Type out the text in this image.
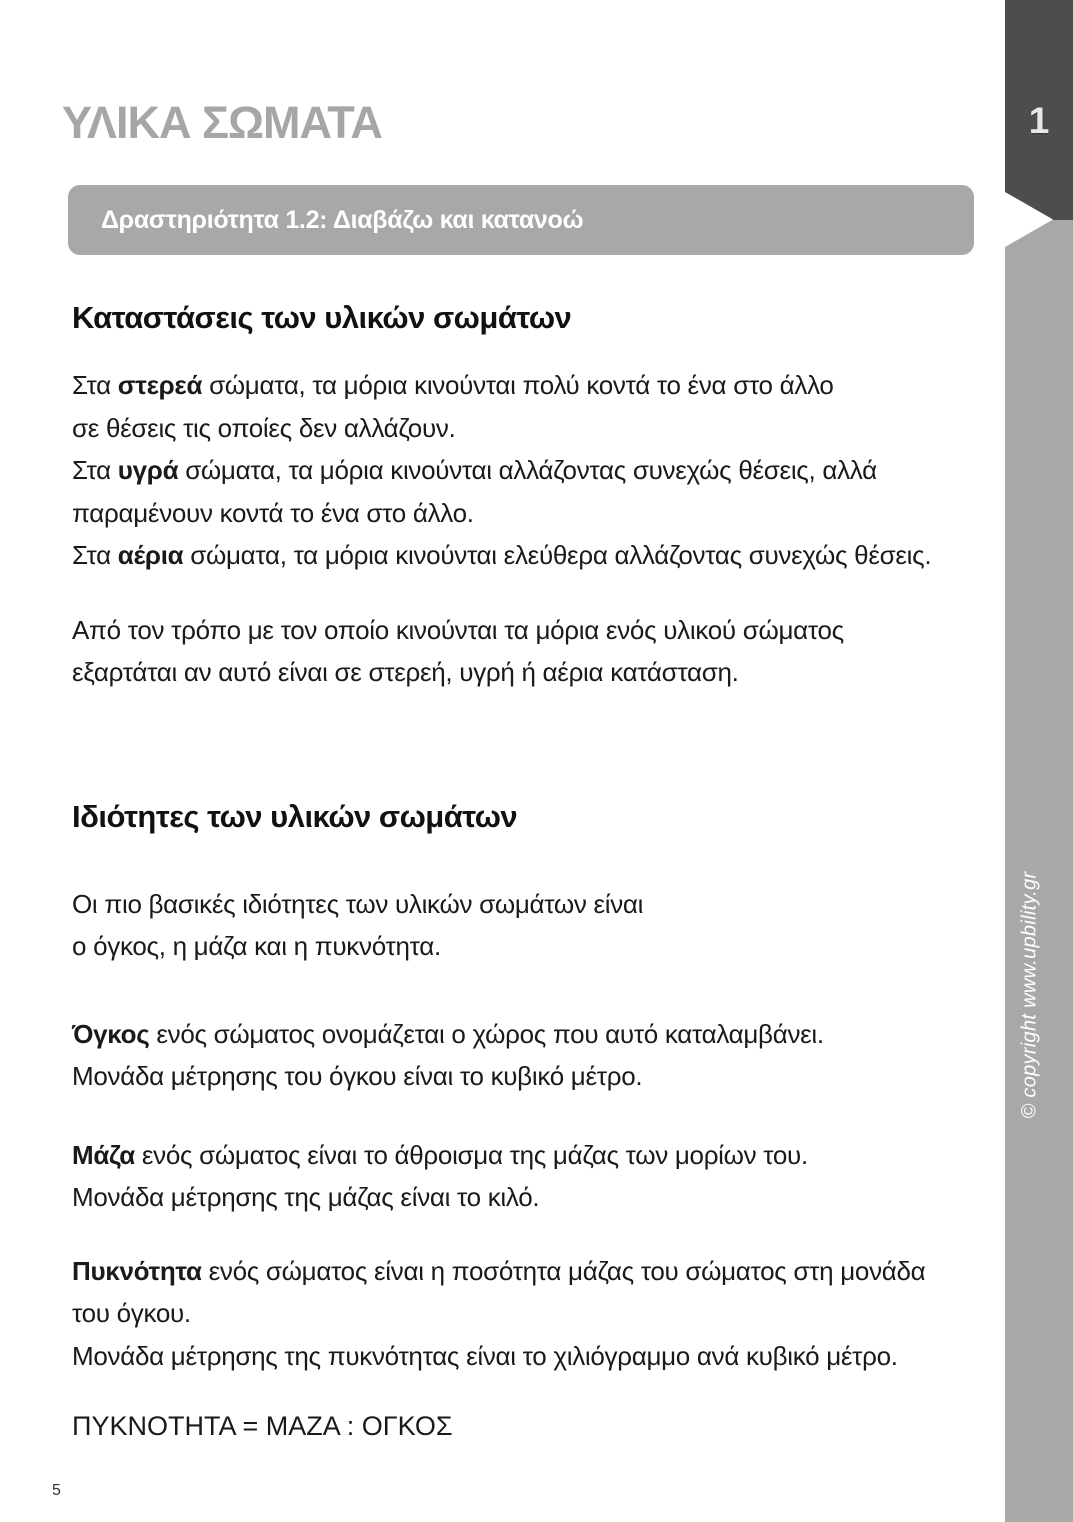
ΥΛΙΚΑ ΣΩΜΑΤΑ
Δραστηριότητα 1.2: Διαβάζω και κατανοώ
Καταστάσεις των υλικών σωμάτων
Στα στερεά σώματα, τα μόρια κινούνται πολύ κοντά το ένα στο άλλο
σε θέσεις τις οποίες δεν αλλάζουν.
Στα υγρά σώματα, τα μόρια κινούνται αλλάζοντας συνεχώς θέσεις, αλλά
παραμένουν κοντά το ένα στο άλλο.
Στα αέρια σώματα, τα μόρια κινούνται ελεύθερα αλλάζοντας συνεχώς θέσεις.
Από τον τρόπο με τον οποίο κινούνται τα μόρια ενός υλικού σώματος
εξαρτάται αν αυτό είναι σε στερεή, υγρή ή αέρια κατάσταση.
Ιδιότητες των υλικών σωμάτων
Οι πιο βασικές ιδιότητες των υλικών σωμάτων είναι
ο όγκος, η μάζα και η πυκνότητα.
Όγκος ενός σώματος ονομάζεται ο χώρος που αυτό καταλαμβάνει.
Μονάδα μέτρησης του όγκου είναι το κυβικό μέτρο.
Μάζα ενός σώματος είναι το άθροισμα της μάζας των μορίων του.
Μονάδα μέτρησης της μάζας είναι το κιλό.
Πυκνότητα ενός σώματος είναι η ποσότητα μάζας του σώματος στη μονάδα
του όγκου.
Μονάδα μέτρησης της πυκνότητας είναι το χιλιόγραμμο ανά κυβικό μέτρο.
ΠΥΚΝΟΤΗΤΑ = ΜΑΖΑ : ΟΓΚΟΣ
5
1
© copyright www.upbility.gr
